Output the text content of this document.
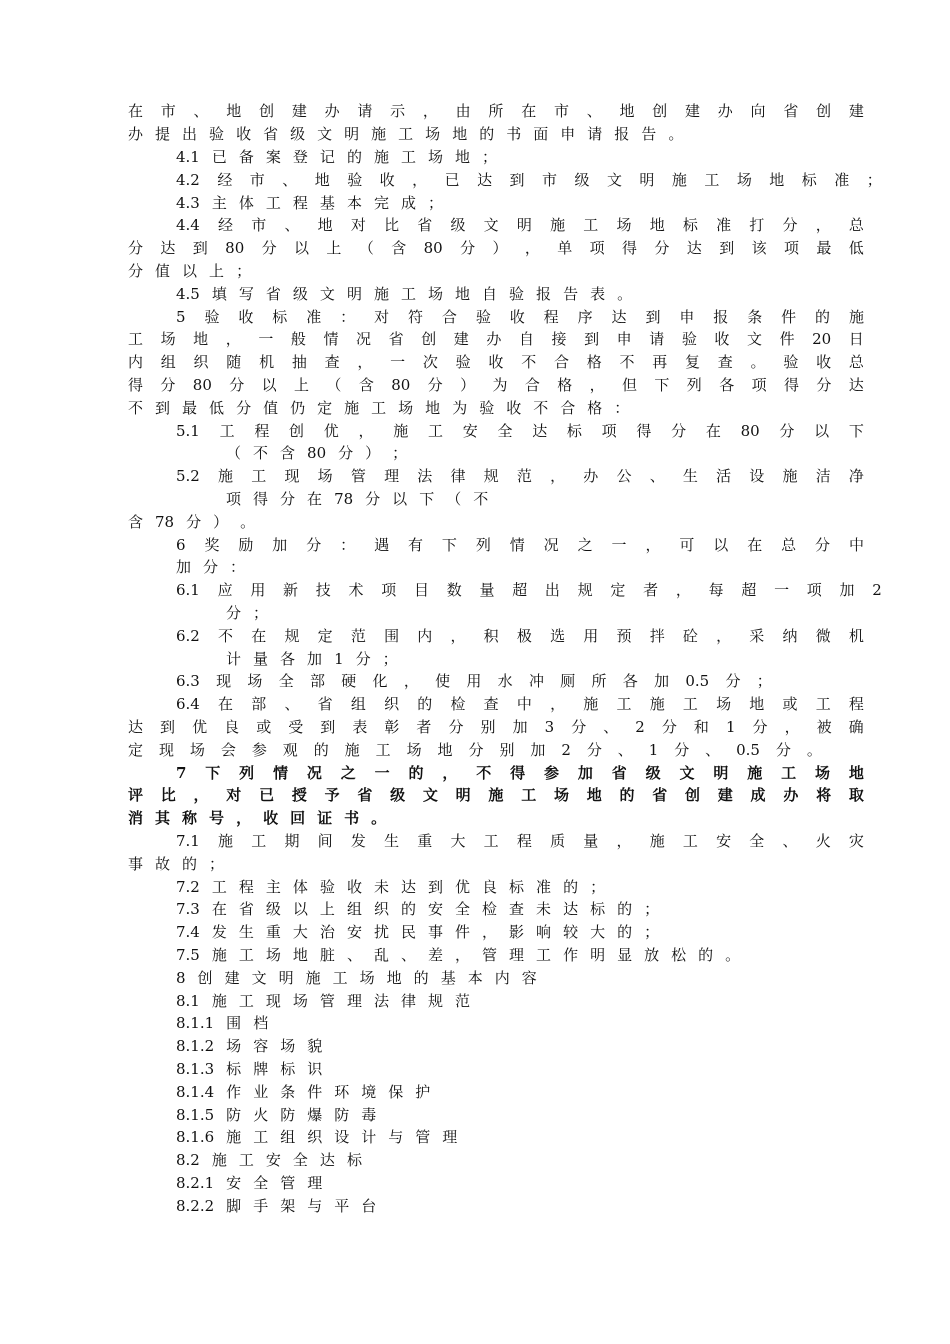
在 市 、 地 创 建 办 请 示 ， 由 所 在 市 、 地 创 建 办 向 省 创 建
办 提 出 验 收 省 级 文 明 施 工 场 地 的 书 面 申 请 报 告 。
4.1 已 备 案 登 记 的 施 工 场 地 ；
4.2 经 市 、 地 验 收 ， 已 达 到 市 级 文 明 施 工 场 地 标 准 ；
4.3 主 体 工 程 基 本 完 成 ；
4.4 经 市 、 地 对 比 省 级 文 明 施 工 场 地 标 准 打 分 ， 总
分 达 到 80 分 以 上 （ 含 80 分 ） ， 单 项 得 分 达 到 该 项 最 低
分 值 以 上 ；
4.5 填 写 省 级 文 明 施 工 场 地 自 验 报 告 表 。
5 验 收 标 准 ： 对 符 合 验 收 程 序 达 到 申 报 条 件 的 施
工 场 地 ， 一 般 情 况 省 创 建 办 自 接 到 申 请 验 收 文 件 20 日
内 组 织 随 机 抽 查 ， 一 次 验 收 不 合 格 不 再 复 查 。 验 收 总
得 分 80 分 以 上 （ 含 80 分 ） 为 合 格 ， 但 下 列 各 项 得 分 达
不 到 最 低 分 值 仍 定 施 工 场 地 为 验 收 不 合 格 ：
5.1 工 程 创 优 ， 施 工 安 全 达 标 项 得 分 在 80 分 以 下
（ 不 含 80 分 ） ；
5.2 施 工 现 场 管 理 法 律 规 范 ， 办 公 、 生 活 设 施 洁 净
项 得 分 在 78 分 以 下 （ 不
含 78 分 ） 。
6 奖 励 加 分 ： 遇 有 下 列 情 况 之 一 ， 可 以 在 总 分 中
加 分 ：
6.1 应 用 新 技 术 项 目 数 量 超 出 规 定 者 ， 每 超 一 项 加 2
分 ；
6.2 不 在 规 定 范 围 内 ， 积 极 选 用 预 拌 砼 ， 采 纳 微 机
计 量 各 加 1 分 ；
6.3 现 场 全 部 硬 化 ， 使 用 水 冲 厕 所 各 加 0.5 分 ；
6.4 在 部 、 省 组 织 的 检 查 中 ， 施 工 施 工 场 地 或 工 程
达 到 优 良 或 受 到 表 彰 者 分 别 加 3 分 、 2 分 和 1 分 ， 被 确
定 现 场 会 参 观 的 施 工 场 地 分 别 加 2 分 、 1 分 、 0.5 分 。
7 下 列 情 况 之 一 的 ， 不 得 参 加 省 级 文 明 施 工 场 地
评 比 ， 对 已 授 予 省 级 文 明 施 工 场 地 的 省 创 建 成 办 将 取
消 其 称 号 ， 收 回 证 书 。
7.1 施 工 期 间 发 生 重 大 工 程 质 量 ， 施 工 安 全 、 火 灾
事 故 的 ；
7.2 工 程 主 体 验 收 未 达 到 优 良 标 准 的 ；
7.3 在 省 级 以 上 组 织 的 安 全 检 查 未 达 标 的 ；
7.4 发 生 重 大 治 安 扰 民 事 件 ， 影 响 较 大 的 ；
7.5 施 工 场 地 脏 、 乱 、 差 ， 管 理 工 作 明 显 放 松 的 。
8 创 建 文 明 施 工 场 地 的 基 本 内 容
8.1 施 工 现 场 管 理 法 律 规 范
8.1.1 围 档
8.1.2 场 容 场 貌
8.1.3 标 牌 标 识
8.1.4 作 业 条 件 环 境 保 护
8.1.5 防 火 防 爆 防 毒
8.1.6 施 工 组 织 设 计 与 管 理
8.2 施 工 安 全 达 标
8.2.1 安 全 管 理
8.2.2 脚 手 架 与 平 台
